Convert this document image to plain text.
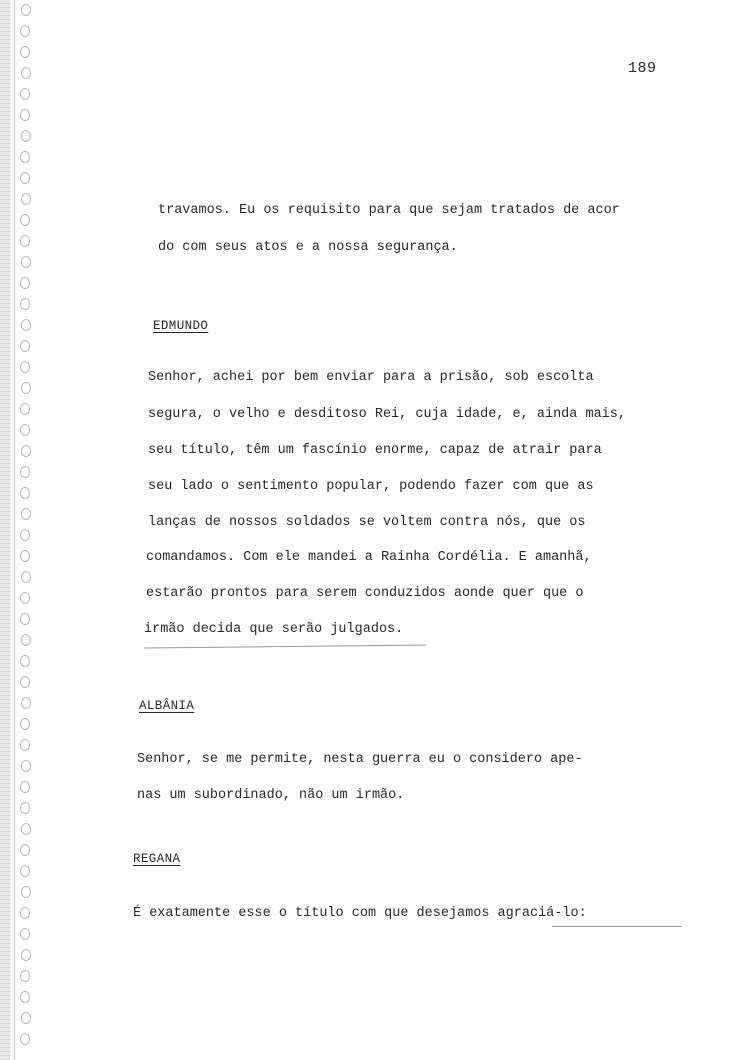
189
travamos. Eu os requisito para que sejam tratados de acor
do com seus atos e a nossa segurança.
EDMUNDO
Senhor, achei por bem enviar para a prisão, sob escolta
segura, o velho e desditoso Rei, cuja idade, e, ainda mais,
seu título, têm um fascínio enorme, capaz de atrair para
seu lado o sentimento popular, podendo fazer com que as
lanças de nossos soldados se voltem contra nós, que os
comandamos. Com ele mandei a Rainha Cordélia. E amanhã,
estarão prontos para serem conduzidos aonde quer que o
irmão decida que serão julgados.
ALBÂNIA
Senhor, se me permite, nesta guerra eu o considero ape-
nas um subordinado, não um irmão.
REGANA
É exatamente esse o título com que desejamos agraciá-lo:
